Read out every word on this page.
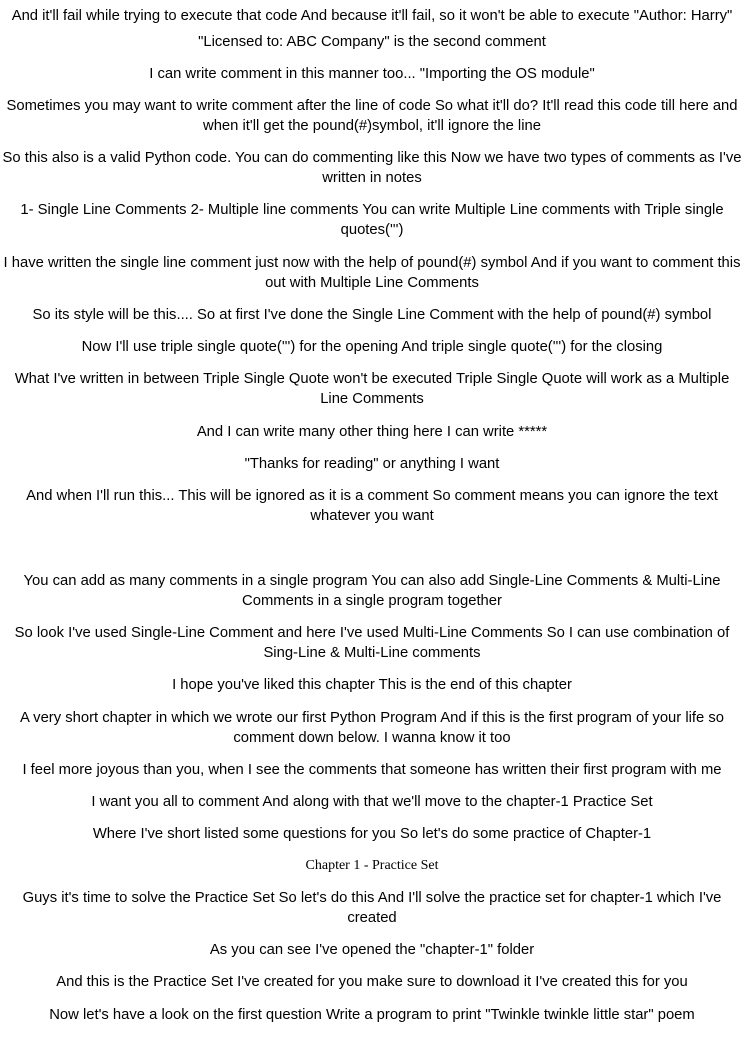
And it'll fail while trying to execute that code And because it'll fail, so it won't be able to execute "Author: Harry"

"Licensed to: ABC Company" is the second comment

I can write comment in this manner too... "Importing the OS module"

Sometimes you may want to write comment after the line of code So what it'll do? It'll read this code till here and when it'll get the pound(#)symbol, it'll ignore the line

So this also is a valid Python code. You can do commenting like this Now we have two types of comments as I've written in notes

1- Single Line Comments 2- Multiple line comments You can write Multiple Line comments with Triple single quotes(''')

I have written the single line comment just now with the help of pound(#) symbol And if you want to comment this out with Multiple Line Comments

So its style will be this.... So at first I've done the Single Line Comment with the help of pound(#) symbol

Now I'll use triple single quote(''') for the opening And triple single quote(''') for the closing

What I've written in between Triple Single Quote won't be executed Triple Single Quote will work as a Multiple Line Comments

And I can write many other thing here I can write *****

"Thanks for reading" or anything I want

And when I'll run this... This will be ignored as it is a comment So comment means you can ignore the text whatever you want

You can add as many comments in a single program You can also add Single-Line Comments & Multi-Line Comments in a single program together

So look I've used Single-Line Comment and here I've used Multi-Line Comments So I can use combination of Sing-Line & Multi-Line comments

I hope you've liked this chapter This is the end of this chapter

A very short chapter in which we wrote our first Python Program And if this is the first program of your life so comment down below. I wanna know it too

I feel more joyous than you, when I see the comments that someone has written their first program with me

I want you all to comment And along with that we'll move to the chapter-1 Practice Set

Where I've short listed some questions for you So let's do some practice of Chapter-1

Chapter 1 - Practice Set

Guys it's time to solve the Practice Set So let's do this And I'll solve the practice set for chapter-1 which I've created

As you can see I've opened the "chapter-1" folder

And this is the Practice Set I've created for you make sure to download it I've created this for you

Now let's have a look on the first question Write a program to print "Twinkle twinkle little star" poem
